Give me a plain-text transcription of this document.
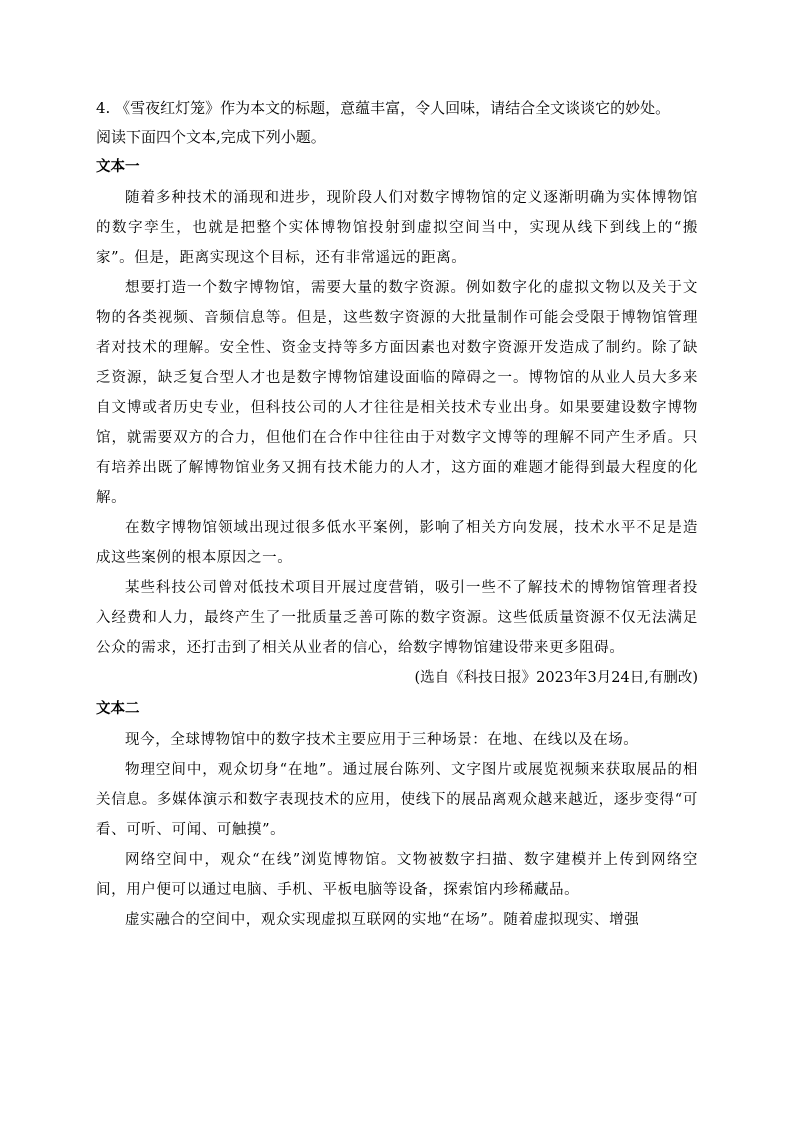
4. 《雪夜红灯笼》作为本文的标题，意蕴丰富，令人回味，请结合全文谈谈它的妙处。

阅读下面四个文本,完成下列小题。

文本一

随着多种技术的涌现和进步，现阶段人们对数字博物馆的定义逐渐明确为实体博物馆的数字孪生，也就是把整个实体博物馆投射到虚拟空间当中，实现从线下到线上的“搬家”。但是，距离实现这个目标，还有非常遥远的距离。

想要打造一个数字博物馆，需要大量的数字资源。例如数字化的虚拟文物以及关于文物的各类视频、音频信息等。但是，这些数字资源的大批量制作可能会受限于博物馆管理者对技术的理解。安全性、资金支持等多方面因素也对数字资源开发造成了制约。除了缺乏资源，缺乏复合型人才也是数字博物馆建设面临的障碍之一。博物馆的从业人员大多来自文博或者历史专业，但科技公司的人才往往是相关技术专业出身。如果要建设数字博物馆，就需要双方的合力，但他们在合作中往往由于对数字文博等的理解不同产生矛盾。只有培养出既了解博物馆业务又拥有技术能力的人才，这方面的难题才能得到最大程度的化解。

在数字博物馆领域出现过很多低水平案例，影响了相关方向发展，技术水平不足是造成这些案例的根本原因之一。

某些科技公司曾对低技术项目开展过度营销，吸引一些不了解技术的博物馆管理者投入经费和人力，最终产生了一批质量乏善可陈的数字资源。这些低质量资源不仅无法满足公众的需求，还打击到了相关从业者的信心，给数字博物馆建设带来更多阻碍。

(选自《科技日报》2023年3月24日,有删改)

文本二

现今，全球博物馆中的数字技术主要应用于三种场景：在地、在线以及在场。

物理空间中，观众切身“在地”。通过展台陈列、文字图片或展览视频来获取展品的相关信息。多媒体演示和数字表现技术的应用，使线下的展品离观众越来越近，逐步变得“可看、可听、可闻、可触摸”。

网络空间中，观众“在线”浏览博物馆。文物被数字扫描、数字建模并上传到网络空间，用户便可以通过电脑、手机、平板电脑等设备，探索馆内珍稀藏品。

虚实融合的空间中，观众实现虚拟互联网的实地“在场”。随着虚拟现实、增强
